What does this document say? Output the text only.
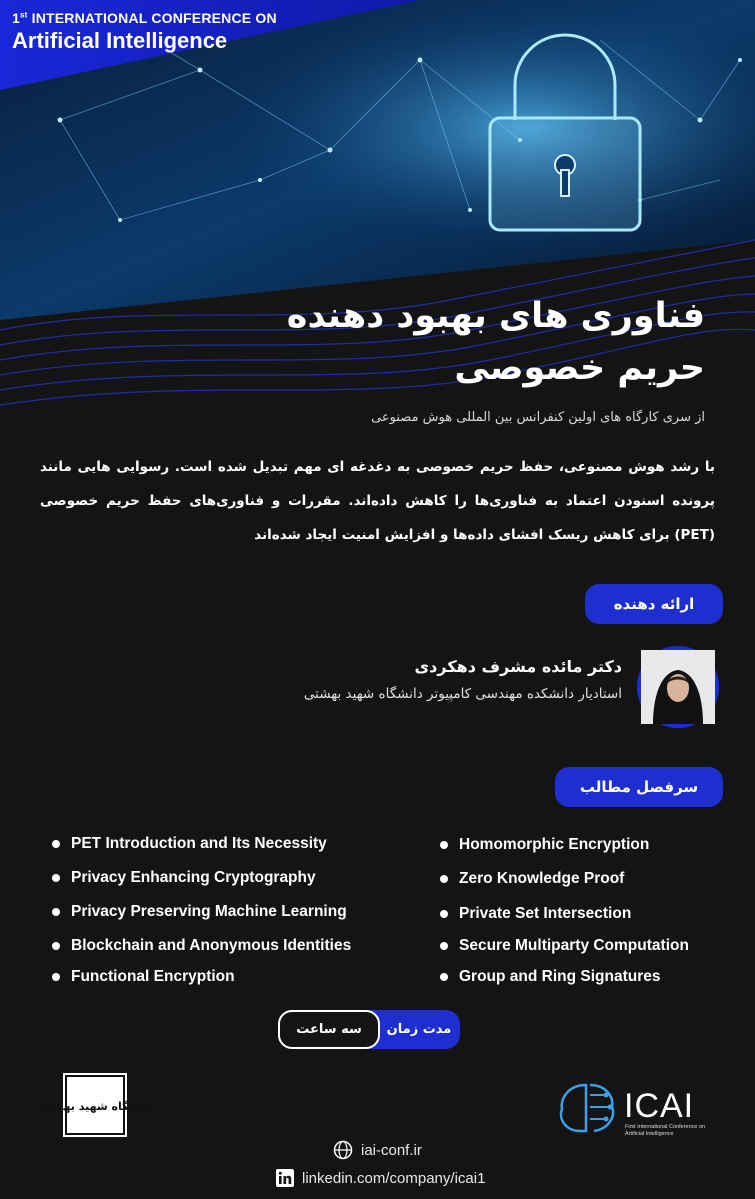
1st INTERNATIONAL CONFERENCE ON
Artificial Intelligence
فناوری های بهبود دهنده
حریم خصوصی
از سری کارگاه های اولین کنفرانس بین المللی هوش مصنوعی
با رشد هوش مصنوعی، حفظ حریم خصوصی به دغدغه ای مهم تبدیل شده است. رسوایی هایی مانند پرونده اسنودن اعتماد به فناوری‌ها را کاهش داده‌اند. مقررات و فناوری‌های حفظ حریم خصوصی (PET) برای کاهش ریسک افشای داده‌ها و افزایش امنیت ایجاد شده‌اند
ارائه دهنده
دکتر مائده مشرف دهکردی
استادیار دانشکده مهندسی کامپیوتر دانشگاه شهید بهشتی
سرفصل مطالب
PET Introduction and Its Necessity
Privacy Enhancing Cryptography
Privacy Preserving Machine Learning
Blockchain and Anonymous Identities
Functional Encryption
Homomorphic Encryption
Zero Knowledge Proof
Private Set Intersection
Secure Multiparty Computation
Group and Ring Signatures
سه ساعت	مدت زمان
دانشگاه شهید بهشتی	ICAI
First International Conference on
Artificial Intelligence
iai-conf.ir
linkedin.com/company/icai1
